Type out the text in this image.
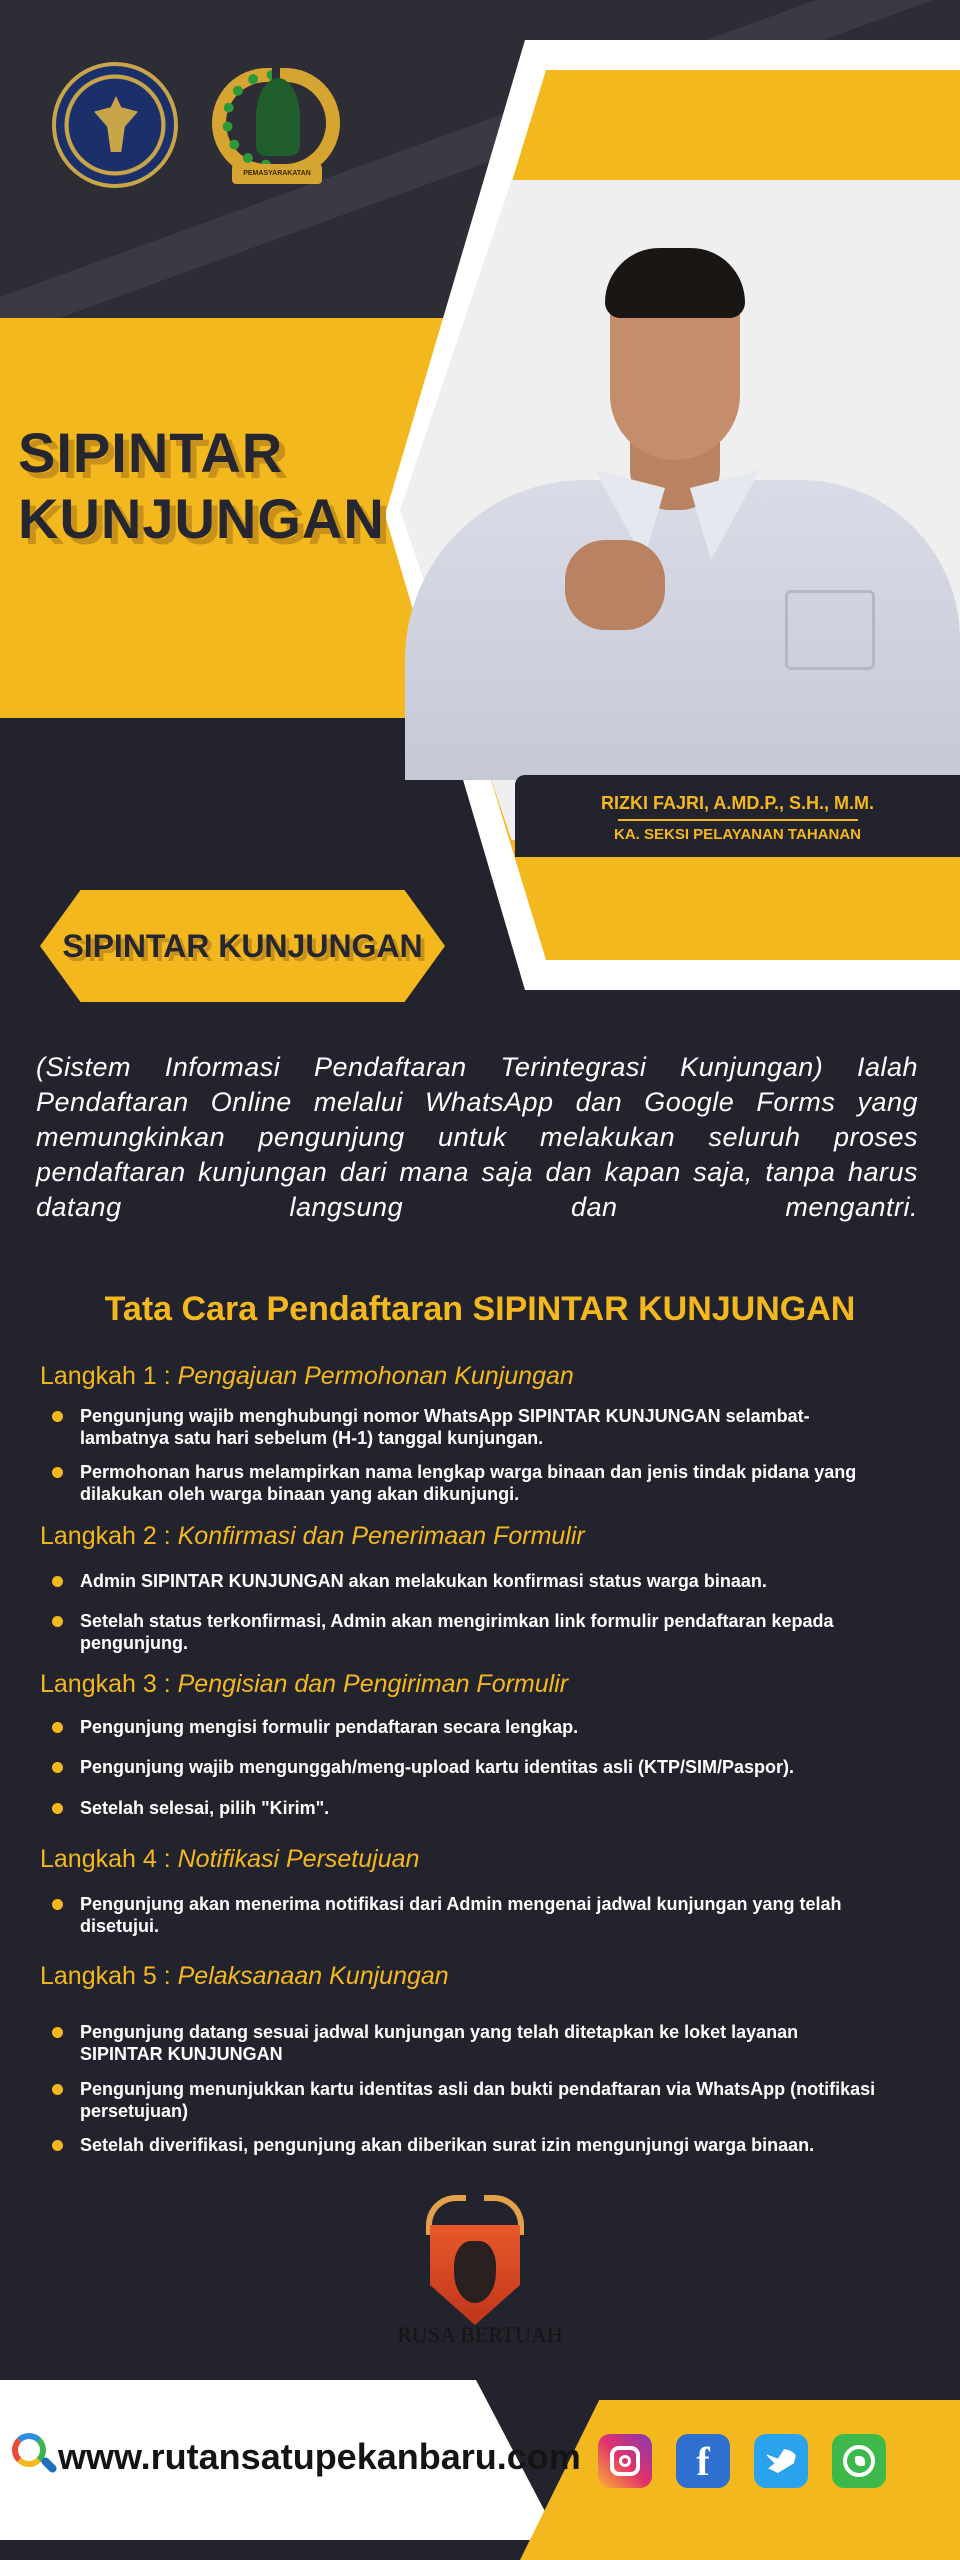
PEMASYARAKATAN
SIPINTAR
KUNJUNGAN
RIZKI FAJRI, A.MD.P., S.H., M.M.
KA. SEKSI PELAYANAN TAHANAN
SIPINTAR KUNJUNGAN
(Sistem Informasi Pendaftaran Terintegrasi Kunjungan) Ialah Pendaftaran Online melalui WhatsApp dan Google Forms yang memungkinkan pengunjung untuk melakukan seluruh proses pendaftaran kunjungan dari mana saja dan kapan saja, tanpa harus datang langsung dan mengantri.
Tata Cara Pendaftaran SIPINTAR KUNJUNGAN
Langkah 1 : Pengajuan Permohonan Kunjungan
Pengunjung wajib menghubungi nomor WhatsApp SIPINTAR KUNJUNGAN selambat-lambatnya satu hari sebelum (H-1) tanggal kunjungan.
Permohonan harus melampirkan nama lengkap warga binaan dan jenis tindak pidana yang dilakukan oleh warga binaan yang akan dikunjungi.
Langkah 2 : Konfirmasi dan Penerimaan Formulir
Admin SIPINTAR KUNJUNGAN akan melakukan konfirmasi status warga binaan.
Setelah status terkonfirmasi, Admin akan mengirimkan link formulir pendaftaran kepada pengunjung.
Langkah 3 : Pengisian dan Pengiriman Formulir
Pengunjung mengisi formulir pendaftaran secara lengkap.
Pengunjung wajib mengunggah/meng-upload kartu identitas asli (KTP/SIM/Paspor).
Setelah selesai, pilih "Kirim".
Langkah 4 : Notifikasi Persetujuan
Pengunjung akan menerima notifikasi dari Admin mengenai jadwal kunjungan yang telah disetujui.
Langkah 5 : Pelaksanaan Kunjungan
Pengunjung datang sesuai jadwal kunjungan yang telah ditetapkan ke loket layanan SIPINTAR KUNJUNGAN
Pengunjung menunjukkan kartu identitas asli dan bukti pendaftaran via WhatsApp (notifikasi persetujuan)
Setelah diverifikasi, pengunjung akan diberikan surat izin mengunjungi warga binaan.
RUSA BERTUAH
www.rutansatupekanbaru.com	f
